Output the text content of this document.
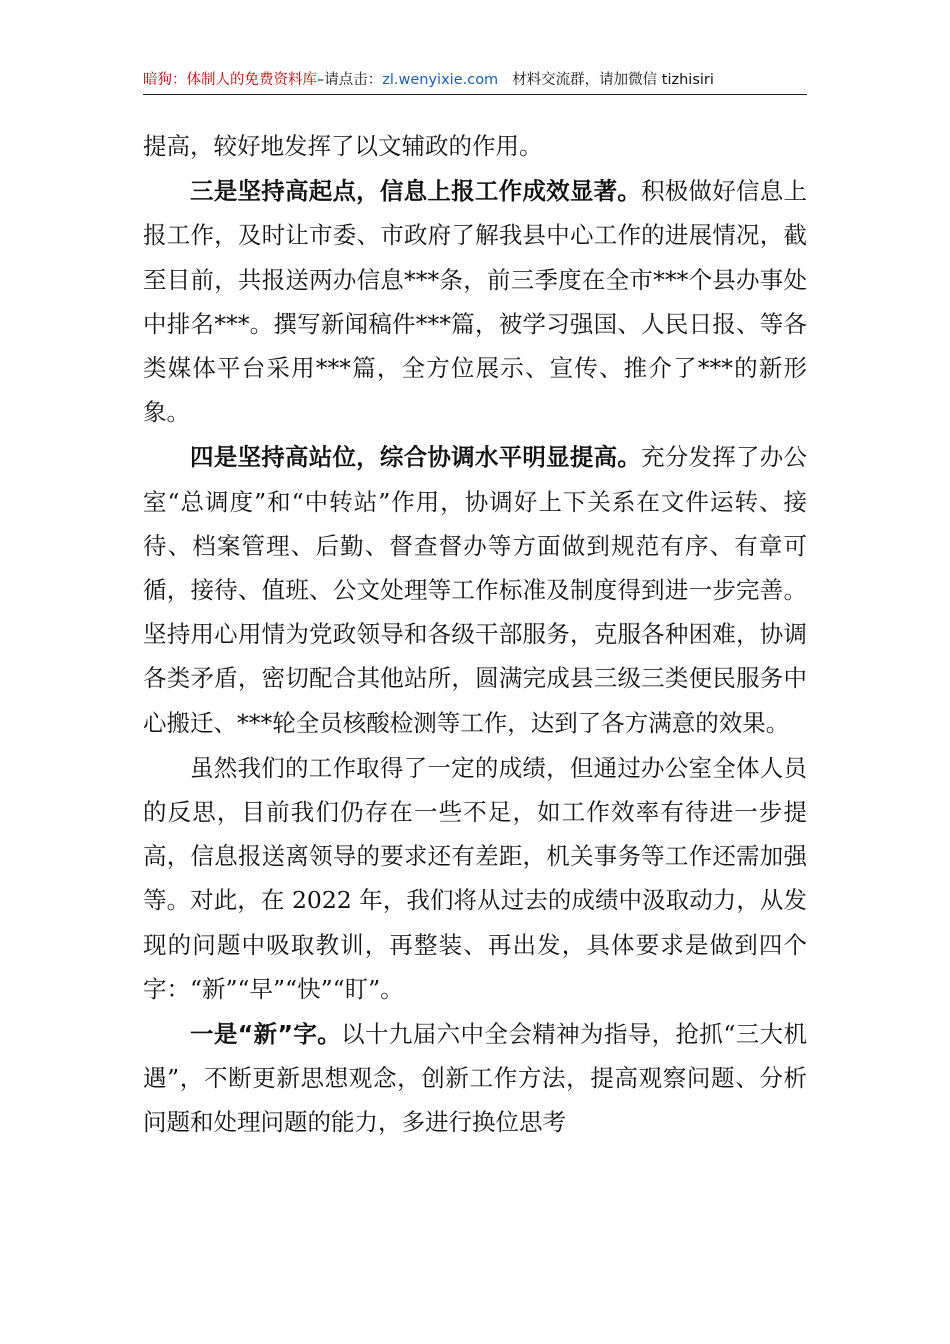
暗狗：体制人的免费资料库–请点击：zl.wenyixie.com 材料交流群，请加微信 tizhisiri

提高，较好地发挥了以文辅政的作用。

三是坚持高起点，信息上报工作成效显著。积极做好信息上报工作，及时让市委、市政府了解我县中心工作的进展情况，截至目前，共报送两办信息***条，前三季度在全市***个县办事处中排名***。撰写新闻稿件***篇，被学习强国、人民日报、等各类媒体平台采用***篇，全方位展示、宣传、推介了***的新形象。

四是坚持高站位，综合协调水平明显提高。充分发挥了办公室“总调度”和“中转站”作用，协调好上下关系在文件运转、接待、档案管理、后勤、督查督办等方面做到规范有序、有章可循，接待、值班、公文处理等工作标准及制度得到进一步完善。坚持用心用情为党政领导和各级干部服务，克服各种困难，协调各类矛盾，密切配合其他站所，圆满完成县三级三类便民服务中心搬迁、***轮全员核酸检测等工作，达到了各方满意的效果。

虽然我们的工作取得了一定的成绩，但通过办公室全体人员的反思，目前我们仍存在一些不足，如工作效率有待进一步提高，信息报送离领导的要求还有差距，机关事务等工作还需加强等。对此，在 2022 年，我们将从过去的成绩中汲取动力，从发现的问题中吸取教训，再整装、再出发，具体要求是做到四个字：“新”“早”“快”“盯”。

一是“新”字。以十九届六中全会精神为指导，抢抓“三大机遇”，不断更新思想观念，创新工作方法，提高观察问题、分析问题和处理问题的能力，多进行换位思考
